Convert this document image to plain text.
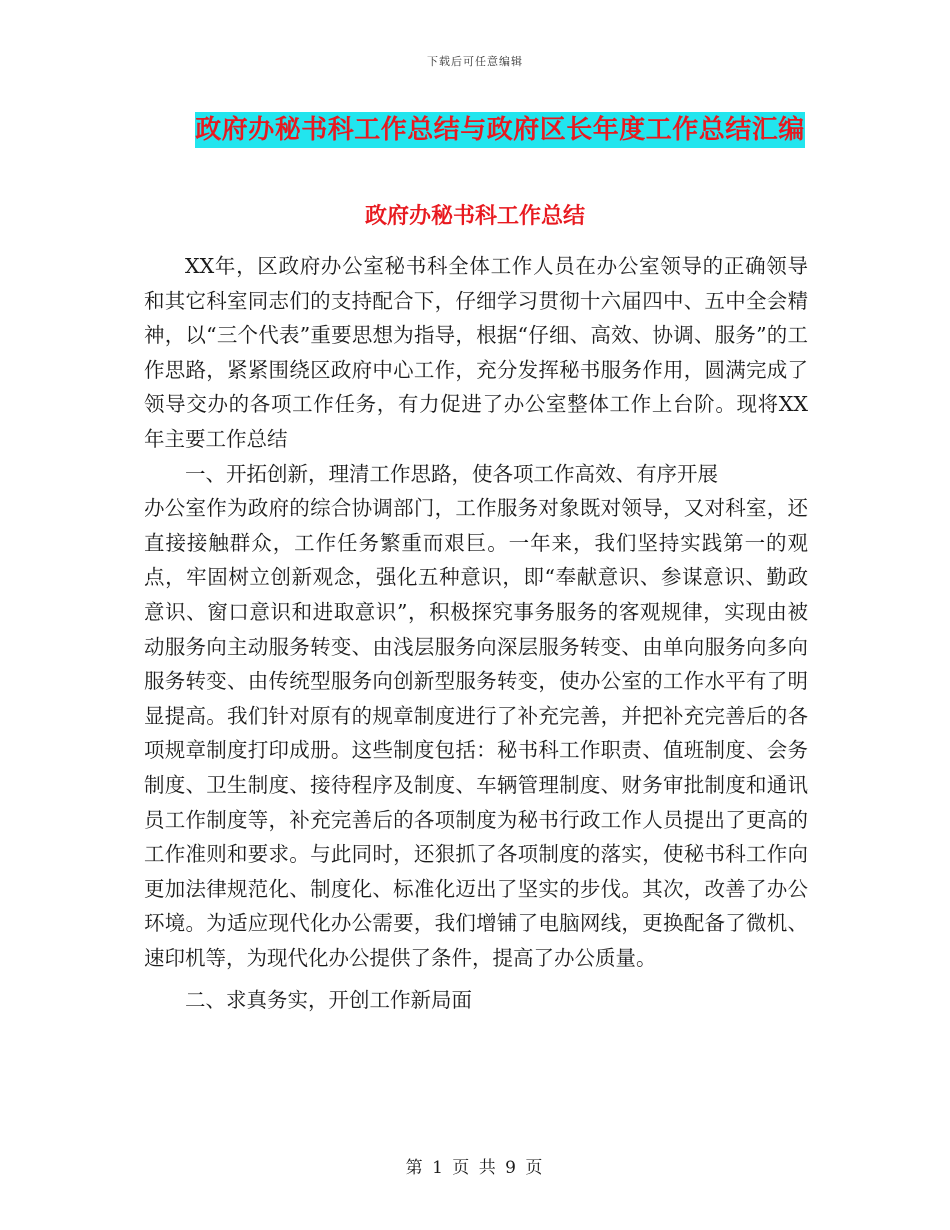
下载后可任意编辑
政府办秘书科工作总结与政府区长年度工作总结汇编
政府办秘书科工作总结

XX年，区政府办公室秘书科全体工作人员在办公室领导的正确领导和其它科室同志们的支持配合下，仔细学习贯彻十六届四中、五中全会精神，以“三个代表”重要思想为指导，根据“仔细、高效、协调、服务”的工作思路，紧紧围绕区政府中心工作，充分发挥秘书服务作用，圆满完成了领导交办的各项工作任务，有力促进了办公室整体工作上台阶。现将XX年主要工作总结

一、开拓创新，理清工作思路，使各项工作高效、有序开展

办公室作为政府的综合协调部门，工作服务对象既对领导，又对科室，还直接接触群众，工作任务繁重而艰巨。一年来，我们坚持实践第一的观点，牢固树立创新观念，强化五种意识，即“奉献意识、参谋意识、勤政意识、窗口意识和进取意识”，积极探究事务服务的客观规律，实现由被动服务向主动服务转变、由浅层服务向深层服务转变、由单向服务向多向服务转变、由传统型服务向创新型服务转变，使办公室的工作水平有了明显提高。我们针对原有的规章制度进行了补充完善，并把补充完善后的各项规章制度打印成册。这些制度包括：秘书科工作职责、值班制度、会务制度、卫生制度、接待程序及制度、车辆管理制度、财务审批制度和通讯员工作制度等，补充完善后的各项制度为秘书行政工作人员提出了更高的工作准则和要求。与此同时，还狠抓了各项制度的落实，使秘书科工作向更加法律规范化、制度化、标准化迈出了坚实的步伐。其次，改善了办公环境。为适应现代化办公需要，我们增铺了电脑网线，更换配备了微机、速印机等，为现代化办公提供了条件，提高了办公质量。

二、求真务实，开创工作新局面

第 1 页 共 9 页
